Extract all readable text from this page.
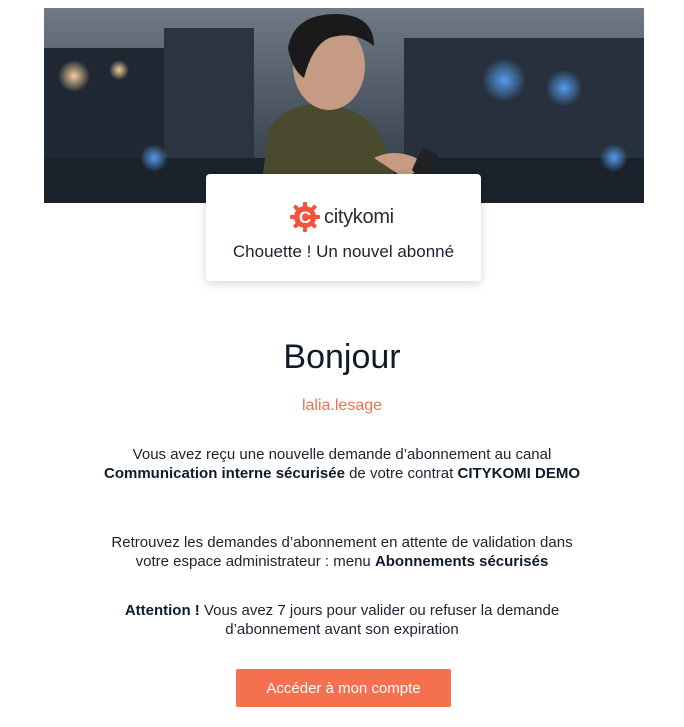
C citykomi
Chouette ! Un nouvel abonné
Bonjour
lalia.lesage
Vous avez reçu une nouvelle demande d’abonnement au canal Communication interne sécurisée de votre contrat CITYKOMI DEMO
Retrouvez les demandes d’abonnement en attente de validation dans votre espace administrateur : menu Abonnements sécurisés
Attention ! Vous avez 7 jours pour valider ou refuser la demande d’abonnement avant son expiration
Accéder à mon compte
